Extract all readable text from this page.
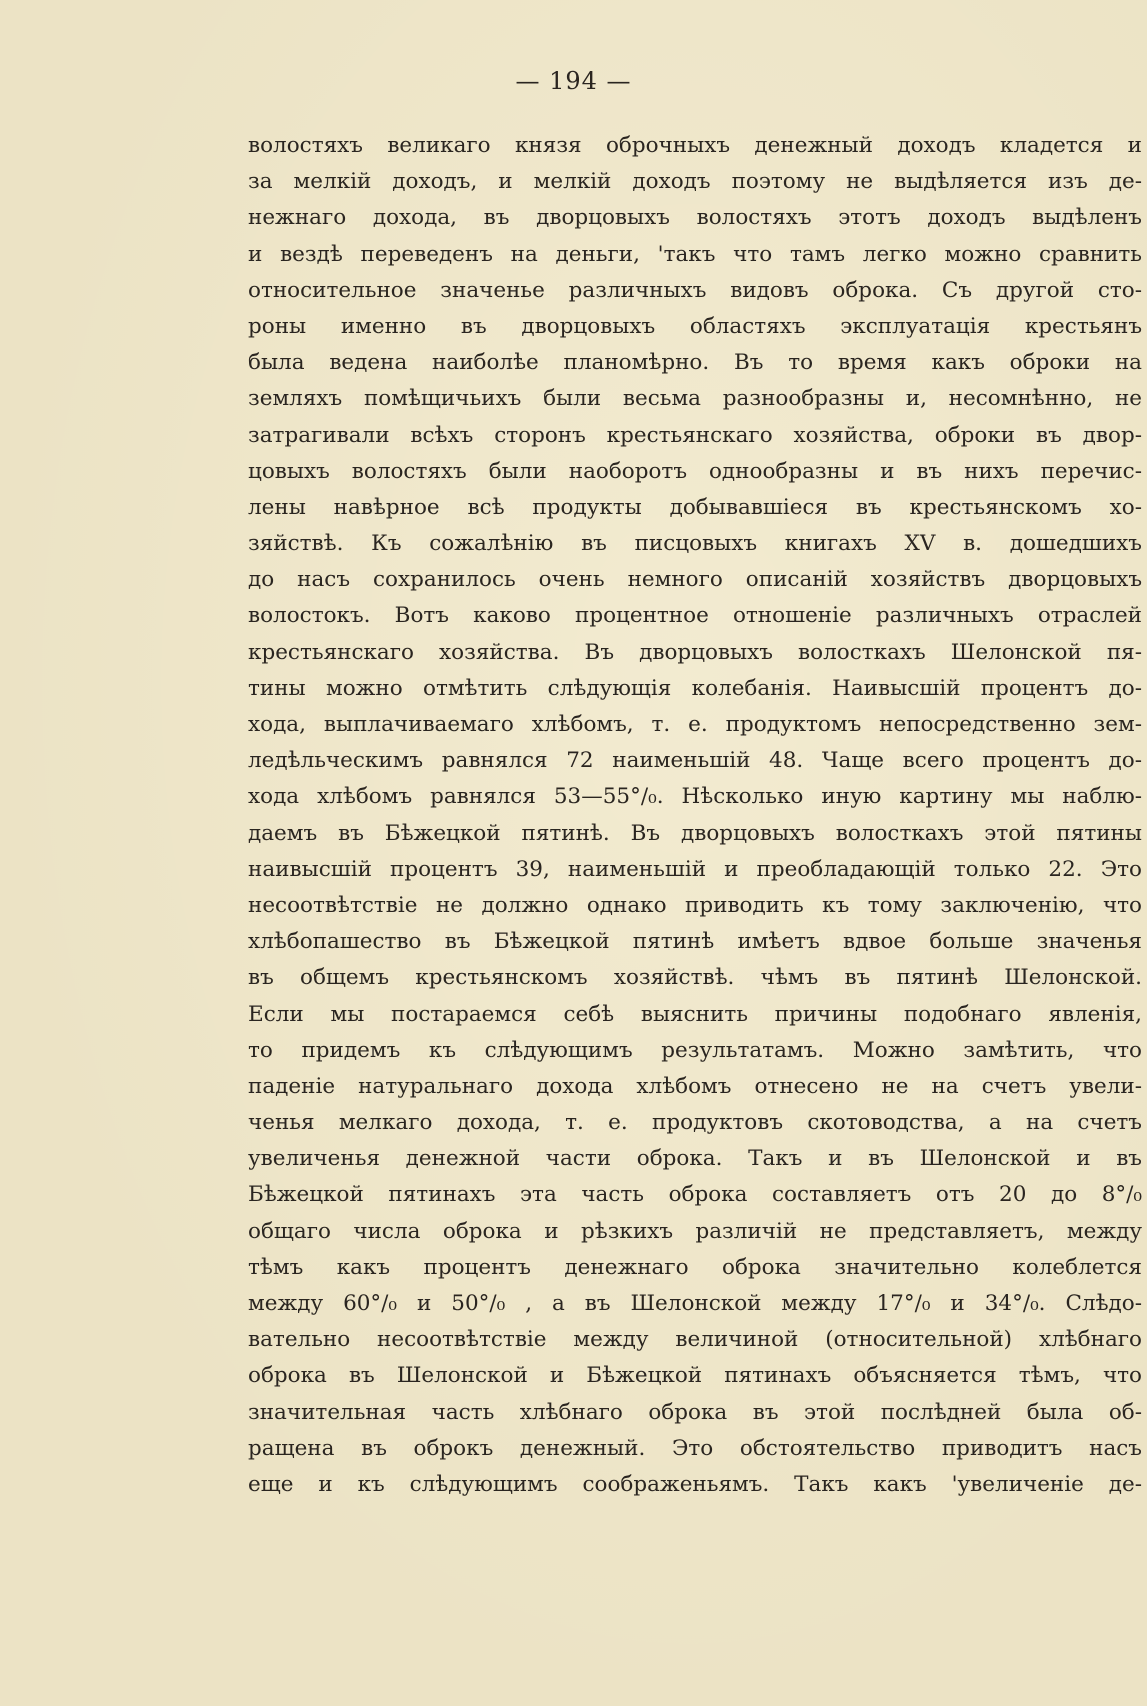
— 194 —
волостяхъ великаго князя оброчныхъ денежный доходъ кладется и
за мелкій доходъ, и мелкій доходъ поэтому не выдѣляется изъ де-
нежнаго дохода, въ дворцовыхъ волостяхъ этотъ доходъ выдѣленъ
и вездѣ переведенъ на деньги, 'такъ что тамъ легко можно сравнить
относительное значенье различныхъ видовъ оброка. Съ другой сто-
роны именно въ дворцовыхъ областяхъ эксплуатація крестьянъ
была ведена наиболѣе планомѣрно. Въ то время какъ оброки на
земляхъ помѣщичьихъ были весьма разнообразны и, несомнѣнно, не
затрагивали всѣхъ сторонъ крестьянскаго хозяйства, оброки въ двор-
цовыхъ волостяхъ были наоборотъ однообразны и въ нихъ перечис-
лены навѣрное всѣ продукты добывавшіеся въ крестьянскомъ хо-
зяйствѣ. Къ сожалѣнію въ писцовыхъ книгахъ XV в. дошедшихъ
до насъ сохранилось очень немного описаній хозяйствъ дворцовыхъ
волостокъ. Вотъ каково процентное отношеніе различныхъ отраслей
крестьянскаго хозяйства. Въ дворцовыхъ волосткахъ Шелонской пя-
тины можно отмѣтить слѣдующія колебанія. Наивысшій процентъ до-
хода, выплачиваемаго хлѣбомъ, т. е. продуктомъ непосредственно зем-
ледѣльческимъ равнялся 72 наименьшій 48. Чаще всего процентъ до-
хода хлѣбомъ равнялся 53—55°/₀. Нѣсколько иную картину мы наблю-
даемъ въ Бѣжецкой пятинѣ. Въ дворцовыхъ волосткахъ этой пятины
наивысшій процентъ 39, наименьшій и преобладающій только 22. Это
несоотвѣтствіе не должно однако приводить къ тому заключенію, что
хлѣбопашество въ Бѣжецкой пятинѣ имѣетъ вдвое больше значенья
въ общемъ крестьянскомъ хозяйствѣ. чѣмъ въ пятинѣ Шелонской.
Если мы постараемся себѣ выяснить причины подобнаго явленія,
то придемъ къ слѣдующимъ результатамъ. Можно замѣтить, что
паденіе натуральнаго дохода хлѣбомъ отнесено не на счетъ увели-
ченья мелкаго дохода, т. е. продуктовъ скотоводства, а на счетъ
увеличенья денежной части оброка. Такъ и въ Шелонской и въ
Бѣжецкой пятинахъ эта часть оброка составляетъ отъ 20 до 8°/₀
общаго числа оброка и рѣзкихъ различій не представляетъ, между
тѣмъ какъ процентъ денежнаго оброка значительно колеблется
между 60°/₀ и 50°/₀ , а въ Шелонской между 17°/₀ и 34°/₀. Слѣдо-
вательно несоотвѣтствіе между величиной (относительной) хлѣбнаго
оброка въ Шелонской и Бѣжецкой пятинахъ объясняется тѣмъ, что
значительная часть хлѣбнаго оброка въ этой послѣдней была об-
ращена въ оброкъ денежный. Это обстоятельство приводитъ насъ
еще и къ слѣдующимъ соображеньямъ. Такъ какъ 'увеличеніе де-
